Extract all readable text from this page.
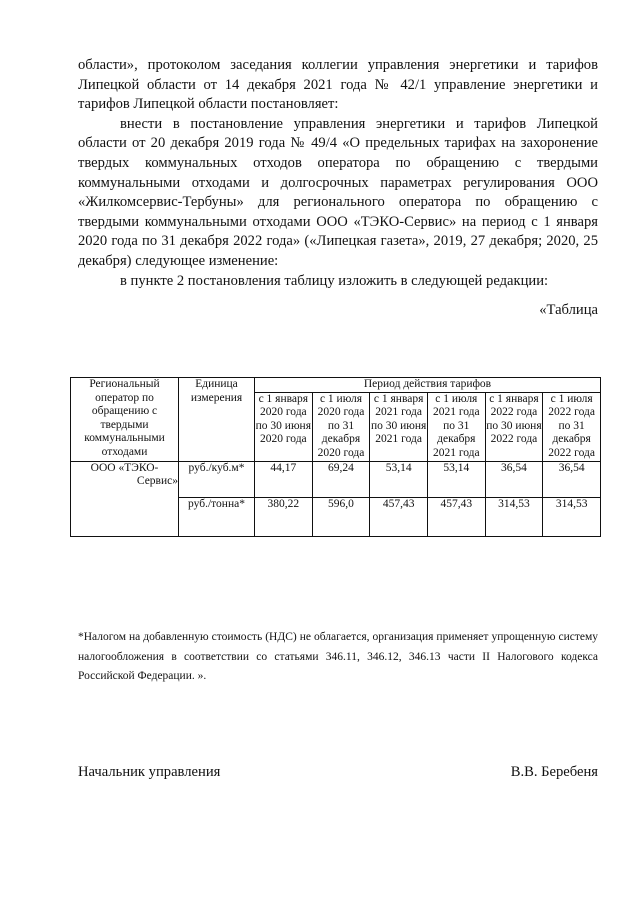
области», протоколом заседания коллегии управления энергетики и тарифов Липецкой области от 14 декабря 2021 года № 42/1 управление энергетики и тарифов Липецкой области постановляет:

внести в постановление управления энергетики и тарифов Липецкой области от 20 декабря 2019 года № 49/4 «О предельных тарифах на захоронение твердых коммунальных отходов оператора по обращению с твердыми коммунальными отходами и долгосрочных параметрах регулирования ООО «Жилкомсервис-Тербуны» для регионального оператора по обращению с твердыми коммунальными отходами ООО «ТЭКО-Сервис» на период с 1 января 2020 года по 31 декабря 2022 года» («Липецкая газета», 2019, 27 декабря; 2020, 25 декабря) следующее изменение:

в пункте 2 постановления таблицу изложить в следующей редакции:

«Таблица

Региональный оператор по обращению с твердыми коммунальными отходами	Единица измерения	Период действия тарифов					
		с 1 января 2020 года по 30 июня 2020 года	с 1 июля 2020 года по 31 декабря 2020 года	с 1 января 2021 года по 30 июня 2021 года	с 1 июля 2021 года по 31 декабря 2021 года	с 1 января 2022 года по 30 июня 2022 года	с 1 июля 2022 года по 31 декабря 2022 года

ООО «ТЭКО-
Сервис»	руб./куб.м*	44,17	69,24	53,14	53,14	36,54	36,54
	руб./тонна*	380,22	596,0	457,43	457,43	314,53	314,53

*Налогом на добавленную стоимость (НДС) не облагается, организация применяет упрощенную систему налогообложения в соответствии со статьями 346.11, 346.12, 346.13 части II Налогового кодекса Российской Федерации. ».

Начальник управления	В.В. Беребеня
